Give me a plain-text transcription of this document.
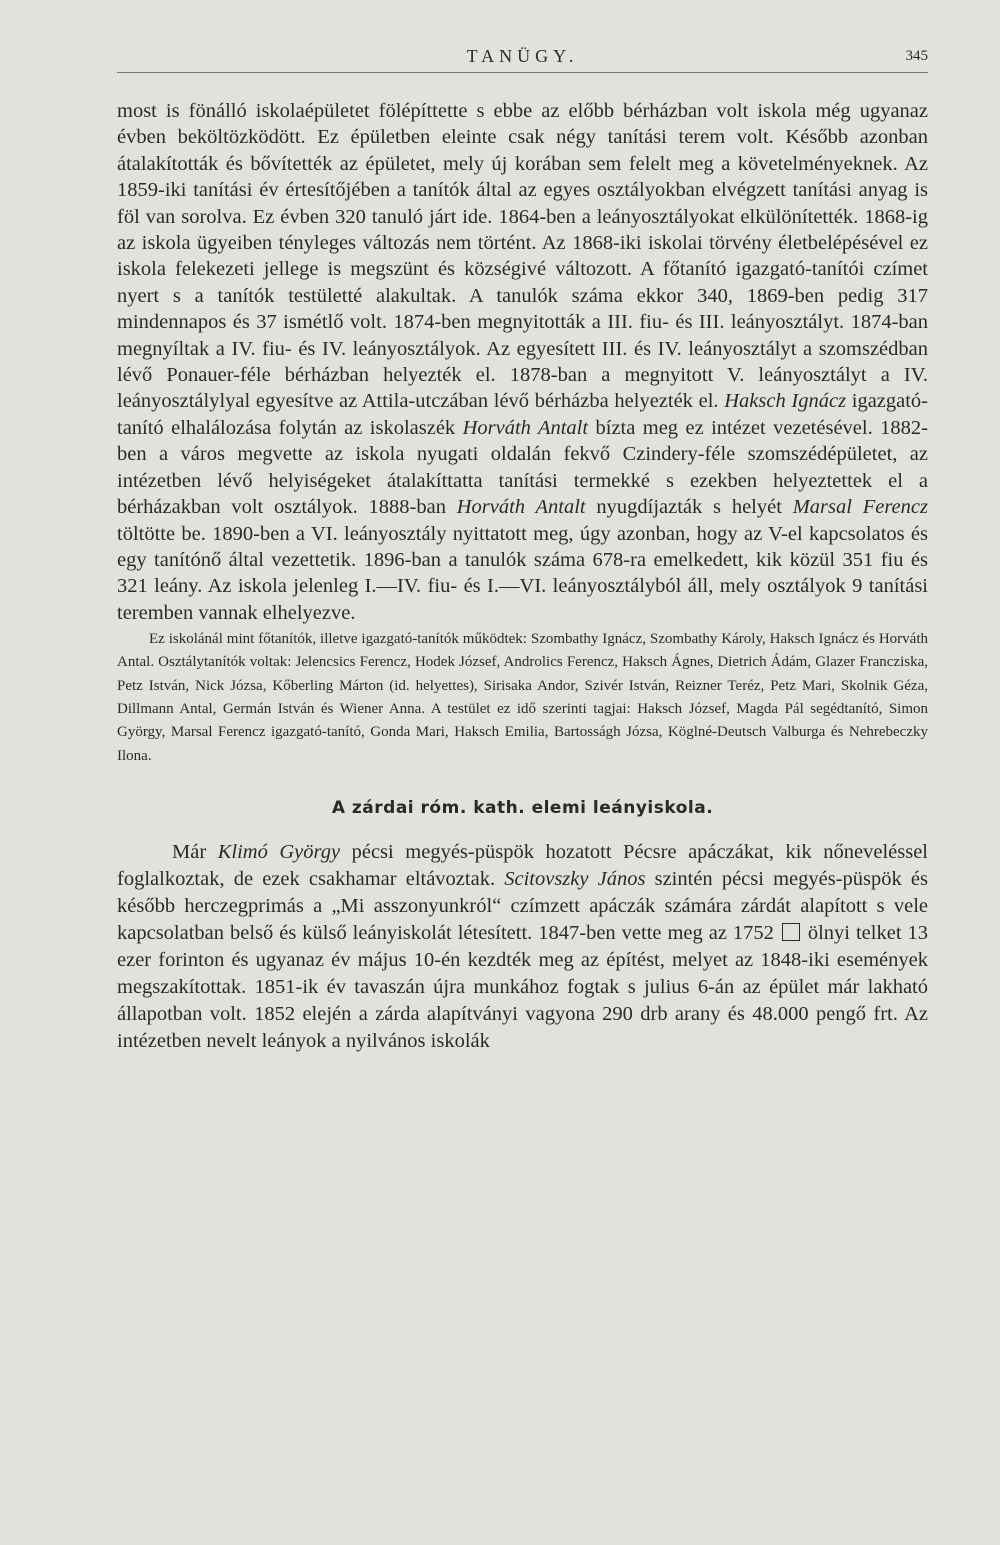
TANÜGY.	345

most is fönálló iskolaépületet fölépíttette s ebbe az előbb bérházban volt iskola még ugyanaz évben beköltözködött. Ez épületben eleinte csak négy tanítási terem volt. Később azonban átalakították és bővítették az épületet, mely új korában sem felelt meg a követelményeknek. Az 1859-iki tanítási év értesítőjében a tanítók által az egyes osztályokban elvégzett tanítási anyag is föl van sorolva. Ez évben 320 tanuló járt ide. 1864-ben a leányosztályokat elkülönítették. 1868-ig az iskola ügyeiben tényleges változás nem történt. Az 1868-iki iskolai törvény életbelépésével ez iskola felekezeti jellege is megszünt és községivé változott. A főtanító igazgató-tanítói czímet nyert s a tanítók testületté alakultak. A tanulók száma ekkor 340, 1869-ben pedig 317 mindennapos és 37 ismétlő volt. 1874-ben megnyitották a III. fiu- és III. leányosztályt. 1874-ban megnyíltak a IV. fiu- és IV. leányosztályok. Az egyesített III. és IV. leányosztályt a szomszédban lévő Ponauer-féle bérházban helyezték el. 1878-ban a megnyitott V. leányosztályt a IV. leányosztálylyal egyesítve az Attila-utczában lévő bérházba helyezték el. Haksch Ignácz igazgató-tanító elhalálozása folytán az iskolaszék Horváth Antalt bízta meg ez intézet vezetésével. 1882-ben a város megvette az iskola nyugati oldalán fekvő Czindery-féle szomszédépületet, az intézetben lévő helyiségeket átalakíttatta tanítási termekké s ezekben helyeztettek el a bérházakban volt osztályok. 1888-ban Horváth Antalt nyugdíjazták s helyét Marsal Ferencz töltötte be. 1890-ben a VI. leányosztály nyittatott meg, úgy azonban, hogy az V-el kapcsolatos és egy tanítónő által vezettetik. 1896-ban a tanulók száma 678-ra emelkedett, kik közül 351 fiu és 321 leány. Az iskola jelenleg I.—IV. fiu- és I.—VI. leányosztályból áll, mely osztályok 9 tanítási teremben vannak elhelyezve.

Ez iskolánál mint főtanítók, illetve igazgató-tanítók működtek: Szombathy Ignácz, Szombathy Károly, Haksch Ignácz és Horváth Antal. Osztálytanítók voltak: Jelencsics Ferencz, Hodek József, Androlics Ferencz, Haksch Ágnes, Dietrich Ádám, Glazer Francziska, Petz István, Nick Józsa, Kőberling Márton (id. helyettes), Sirisaka Andor, Szivér István, Reizner Teréz, Petz Mari, Skolnik Géza, Dillmann Antal, Germán István és Wiener Anna. A testület ez idő szerinti tagjai: Haksch József, Magda Pál segédtanító, Simon György, Marsal Ferencz igazgató-tanító, Gonda Mari, Haksch Emilia, Bartosságh Józsa, Köglné-Deutsch Valburga és Nehrebeczky Ilona.

A zárdai róm. kath. elemi leányiskola.

Már Klimó György pécsi megyés-püspök hozatott Pécsre apáczákat, kik nőneveléssel foglalkoztak, de ezek csakhamar eltávoztak. Scitovszky János szintén pécsi megyés-püspök és később herczegprimás a „Mi asszonyunkról“ czímzett apáczák számára zárdát alapított s vele kapcsolatban belső és külső leányiskolát létesített. 1847-ben vette meg az 1752  ölnyi telket 13 ezer forinton és ugyanaz év május 10-én kezdték meg az építést, melyet az 1848-iki események megszakítottak. 1851-ik év tavaszán újra munkához fogtak s julius 6-án az épület már lakható állapotban volt. 1852 elején a zárda alapítványi vagyona 290 drb arany és 48.000 pengő frt. Az intézetben nevelt leányok a nyilvános iskolák
